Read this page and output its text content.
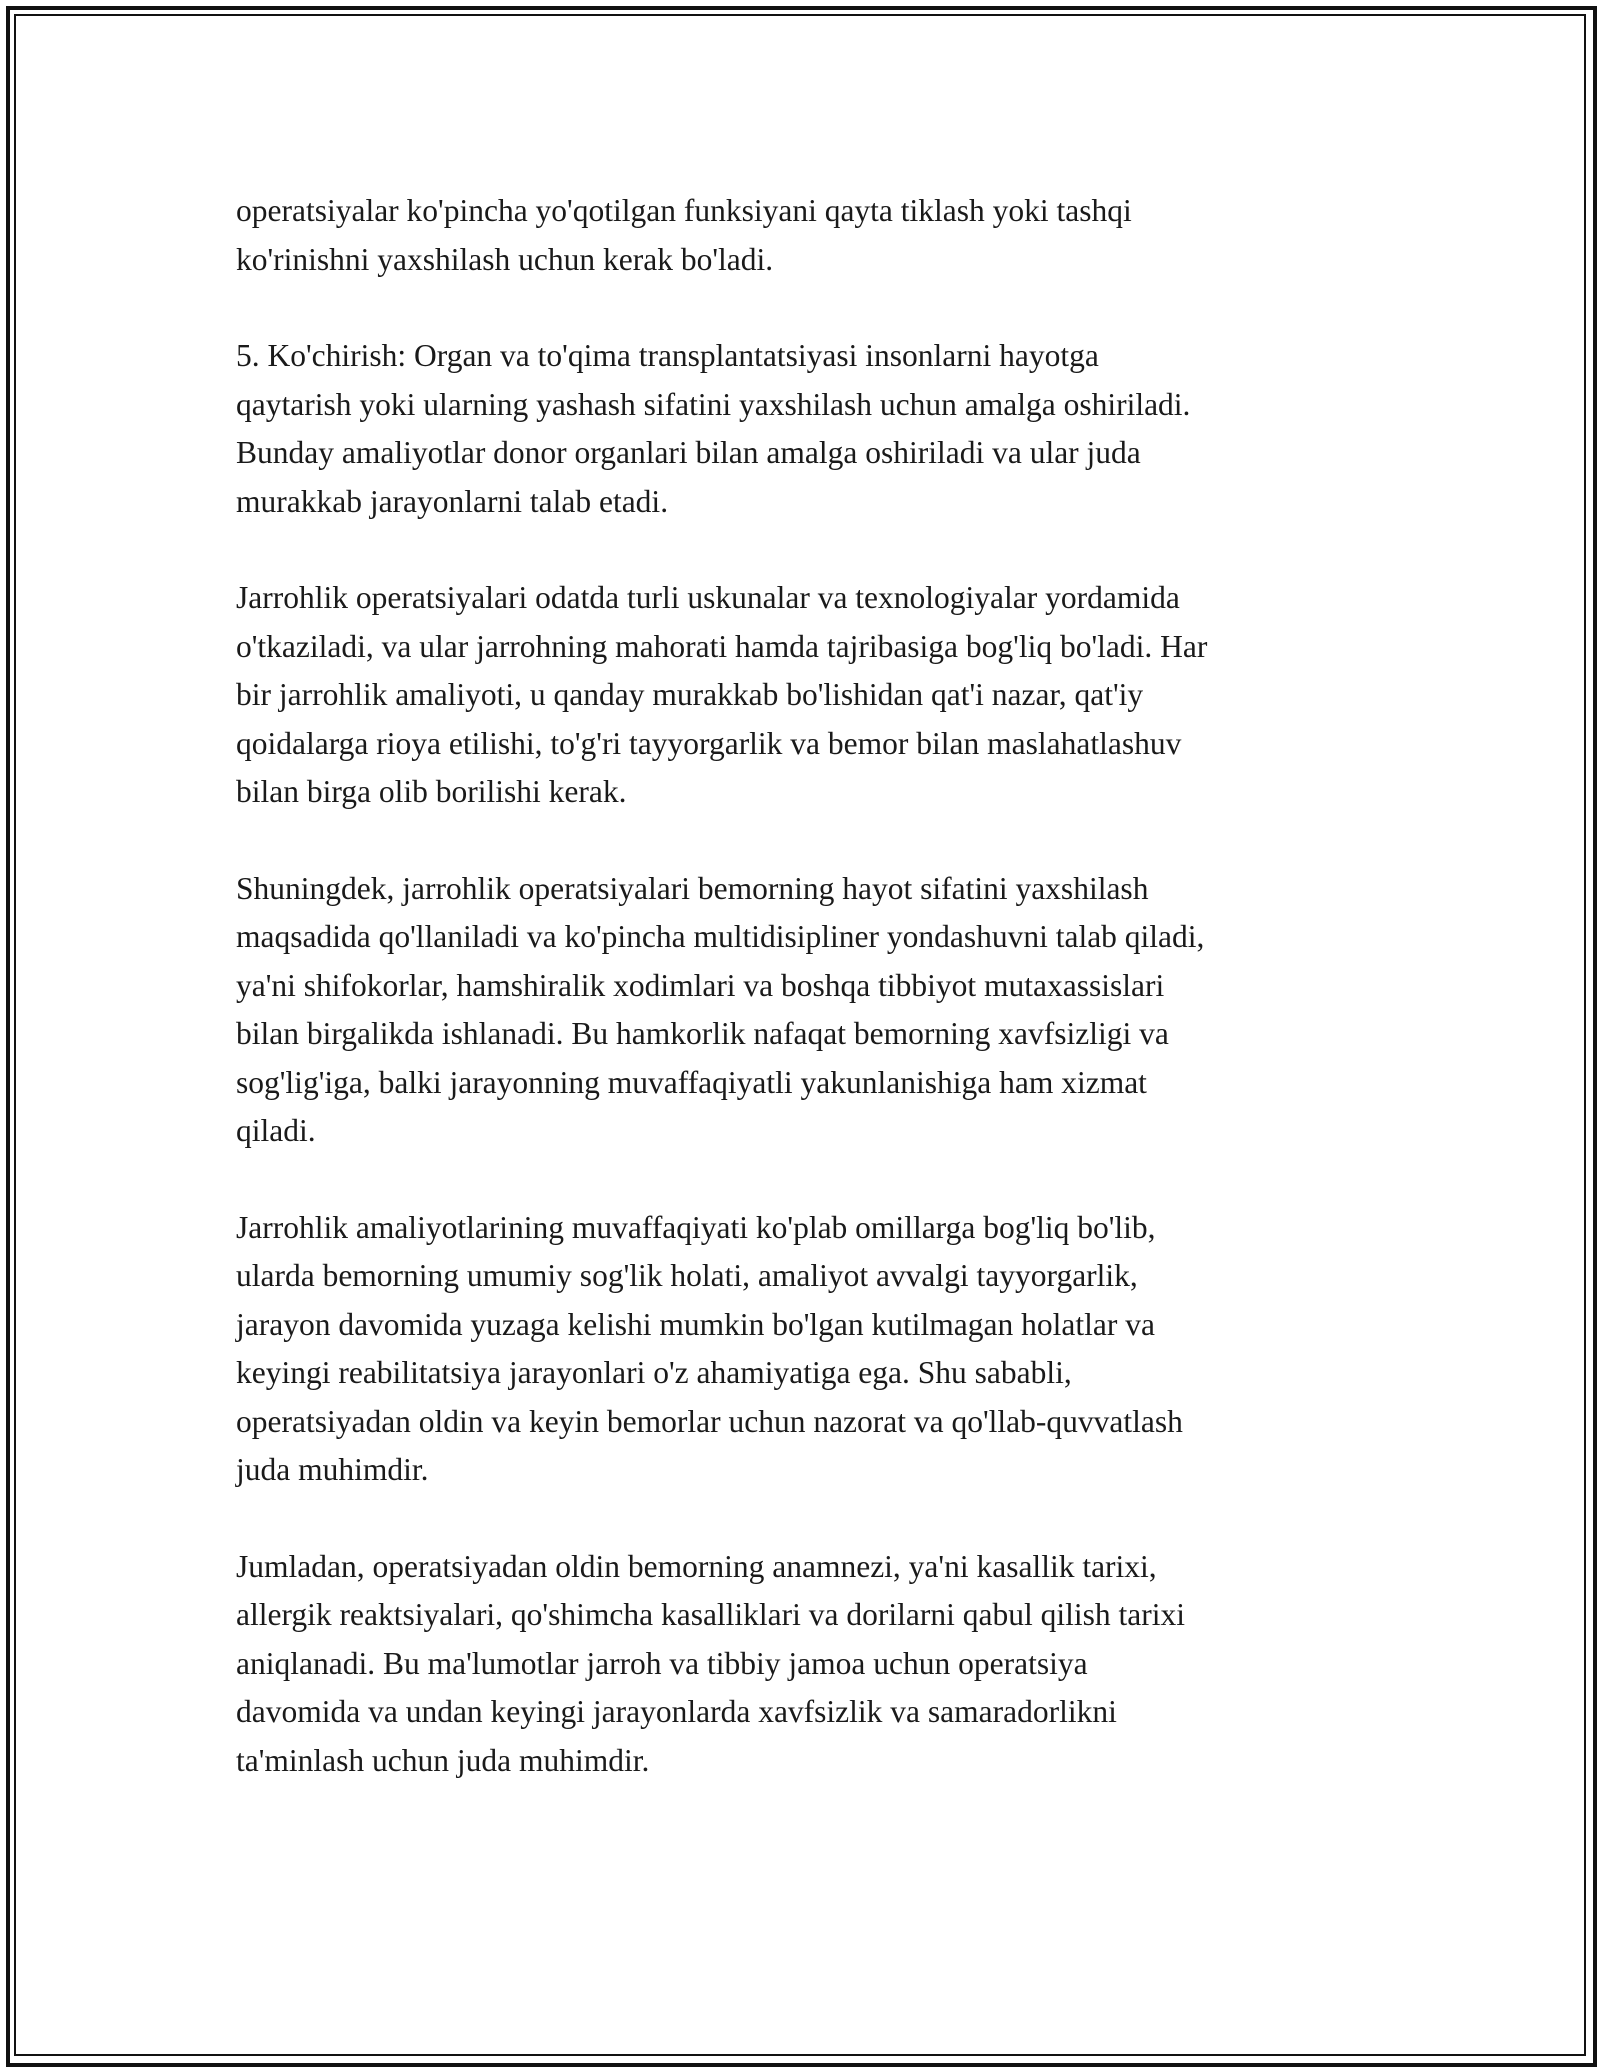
operatsiyalar ko'pincha yo'qotilgan funksiyani qayta tiklash yoki tashqi
ko'rinishni yaxshilash uchun kerak bo'ladi.

5. Ko'chirish: Organ va to'qima transplantatsiyasi insonlarni hayotga
qaytarish yoki ularning yashash sifatini yaxshilash uchun amalga oshiriladi.
Bunday amaliyotlar donor organlari bilan amalga oshiriladi va ular juda
murakkab jarayonlarni talab etadi.

Jarrohlik operatsiyalari odatda turli uskunalar va texnologiyalar yordamida
o'tkaziladi, va ular jarrohning mahorati hamda tajribasiga bog'liq bo'ladi. Har
bir jarrohlik amaliyoti, u qanday murakkab bo'lishidan qat'i nazar, qat'iy
qoidalarga rioya etilishi, to'g'ri tayyorgarlik va bemor bilan maslahatlashuv
bilan birga olib borilishi kerak.

Shuningdek, jarrohlik operatsiyalari bemorning hayot sifatini yaxshilash
maqsadida qo'llaniladi va ko'pincha multidisipliner yondashuvni talab qiladi,
ya'ni shifokorlar, hamshiralik xodimlari va boshqa tibbiyot mutaxassislari
bilan birgalikda ishlanadi. Bu hamkorlik nafaqat bemorning xavfsizligi va
sog'lig'iga, balki jarayonning muvaffaqiyatli yakunlanishiga ham xizmat
qiladi.

Jarrohlik amaliyotlarining muvaffaqiyati ko'plab omillarga bog'liq bo'lib,
ularda bemorning umumiy sog'lik holati, amaliyot avvalgi tayyorgarlik,
jarayon davomida yuzaga kelishi mumkin bo'lgan kutilmagan holatlar va
keyingi reabilitatsiya jarayonlari o'z ahamiyatiga ega. Shu sababli,
operatsiyadan oldin va keyin bemorlar uchun nazorat va qo'llab-quvvatlash
juda muhimdir.

Jumladan, operatsiyadan oldin bemorning anamnezi, ya'ni kasallik tarixi,
allergik reaktsiyalari, qo'shimcha kasalliklari va dorilarni qabul qilish tarixi
aniqlanadi. Bu ma'lumotlar jarroh va tibbiy jamoa uchun operatsiya
davomida va undan keyingi jarayonlarda xavfsizlik va samaradorlikni
ta'minlash uchun juda muhimdir.
